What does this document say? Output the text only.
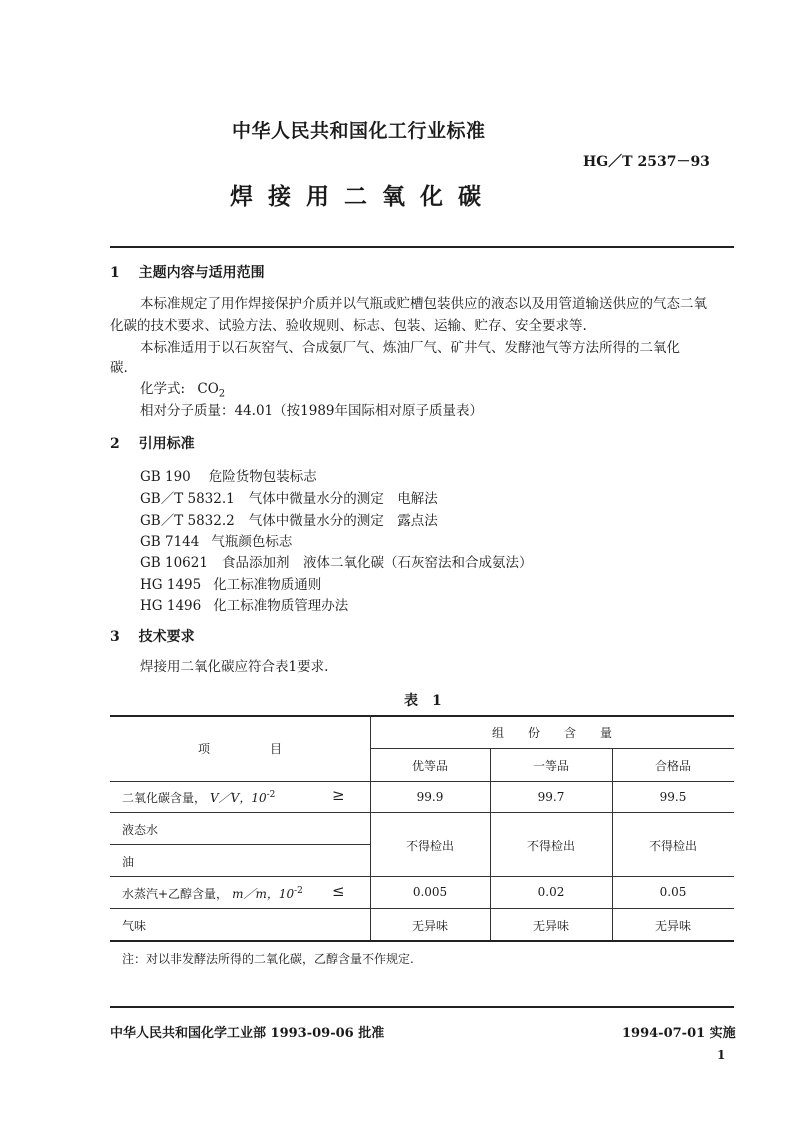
中华人民共和国化工行业标准
HG／T 2537－93
焊接用二氧化碳
1 主题内容与适用范围
本标准规定了用作焊接保护介质并以气瓶或贮槽包装供应的液态以及用管道输送供应的气态二氧
化碳的技术要求、试验方法、验收规则、标志、包装、运输、贮存、安全要求等.
本标准适用于以石灰窑气、合成氨厂气、炼油厂气、矿井气、发酵池气等方法所得的二氧化
碳.
化学式: $CO_2$
相对分子质量：44.01（按1989年国际相对原子质量表）
2 引用标准
GB 190 危险货物包装标志
GB／T 5832.1 气体中微量水分的测定　电解法
GB／T 5832.2 气体中微量水分的测定　露点法
GB 7144 气瓶颜色标志
GB 10621 食品添加剂　液体二氧化碳（石灰窑法和合成氨法）
HG 1495 化工标准物质通则
HG 1496 化工标准物质管理办法
3 技术要求
焊接用二氧化碳应符合表1要求.
表　1
项　　　　　目
组　　份　　含　　量
优等品	一等品	合格品
二氧化碳含量， V／V，$10^{-2}$	≥	99.9	99.7	99.5
液态水
油
不得检出	不得检出	不得检出
水蒸汽+乙醇含量， m／m，$10^{-2}$ ≤	0.005	0.02	0.05
气味	无异味	无异味	无异味
注：对以非发酵法所得的二氧化碳，乙醇含量不作规定.
中华人民共和国化学工业部 1993-09-06 批准	1994-07-01 实施
1
